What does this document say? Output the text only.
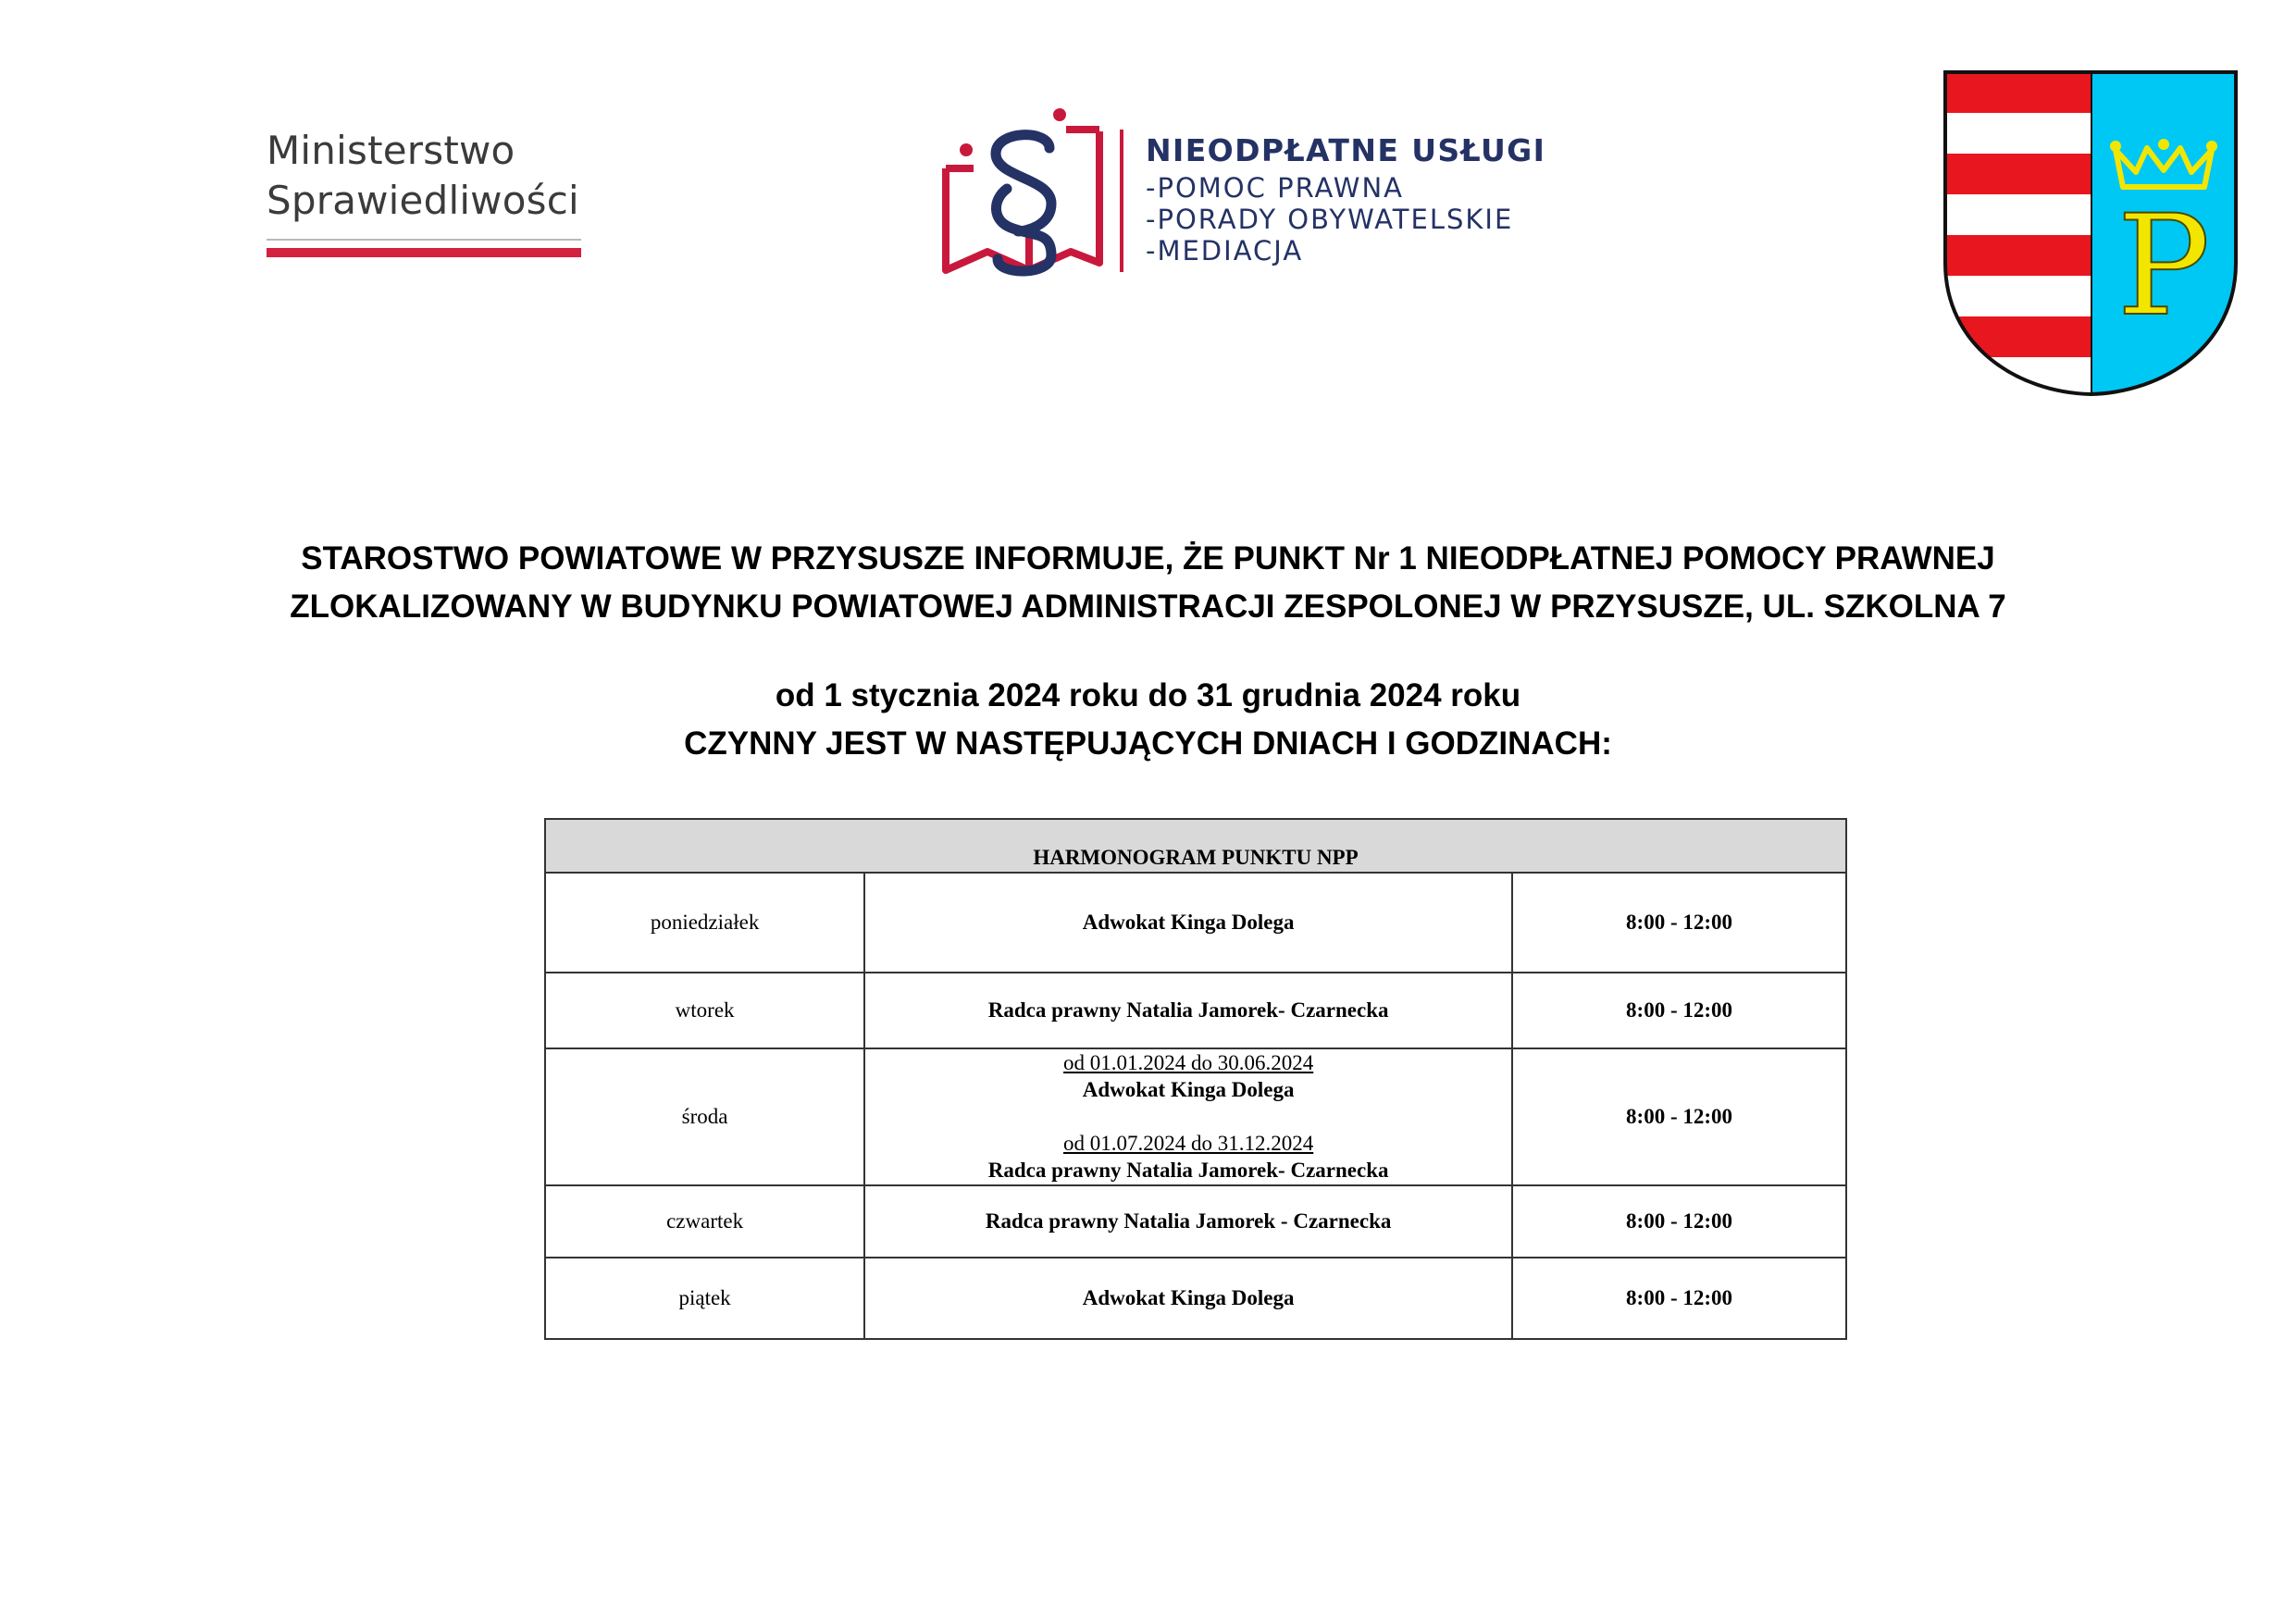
Ministerstwo
Sprawiedliwości
NIEODPŁATNE USŁUGI
-POMOC PRAWNA
-PORADY OBYWATELSKIE
-MEDIACJA	P
STAROSTWO POWIATOWE W PRZYSUSZE INFORMUJE, ŻE PUNKT Nr 1 NIEODPŁATNEJ POMOCY PRAWNEJ
ZLOKALIZOWANY W BUDYNKU POWIATOWEJ ADMINISTRACJI ZESPOLONEJ W PRZYSUSZE, UL. SZKOLNA 7
od 1 stycznia 2024 roku do 31 grudnia 2024 roku
CZYNNY JEST W NASTĘPUJĄCYCH DNIACH I GODZINACH:
HARMONOGRAM PUNKTU NPP		
poniedziałek	Adwokat Kinga Dolega	8:00 - 12:00
wtorek	Radca prawny Natalia Jamorek- Czarnecka	8:00 - 12:00
środa	od 01.01.2024 do 30.06.2024
Adwokat Kinga Dolega
od 01.07.2024 do 31.12.2024
Radca prawny Natalia Jamorek- Czarnecka	8:00 - 12:00
czwartek	Radca prawny Natalia Jamorek - Czarnecka	8:00 - 12:00
piątek	Adwokat Kinga Dolega	8:00 - 12:00
